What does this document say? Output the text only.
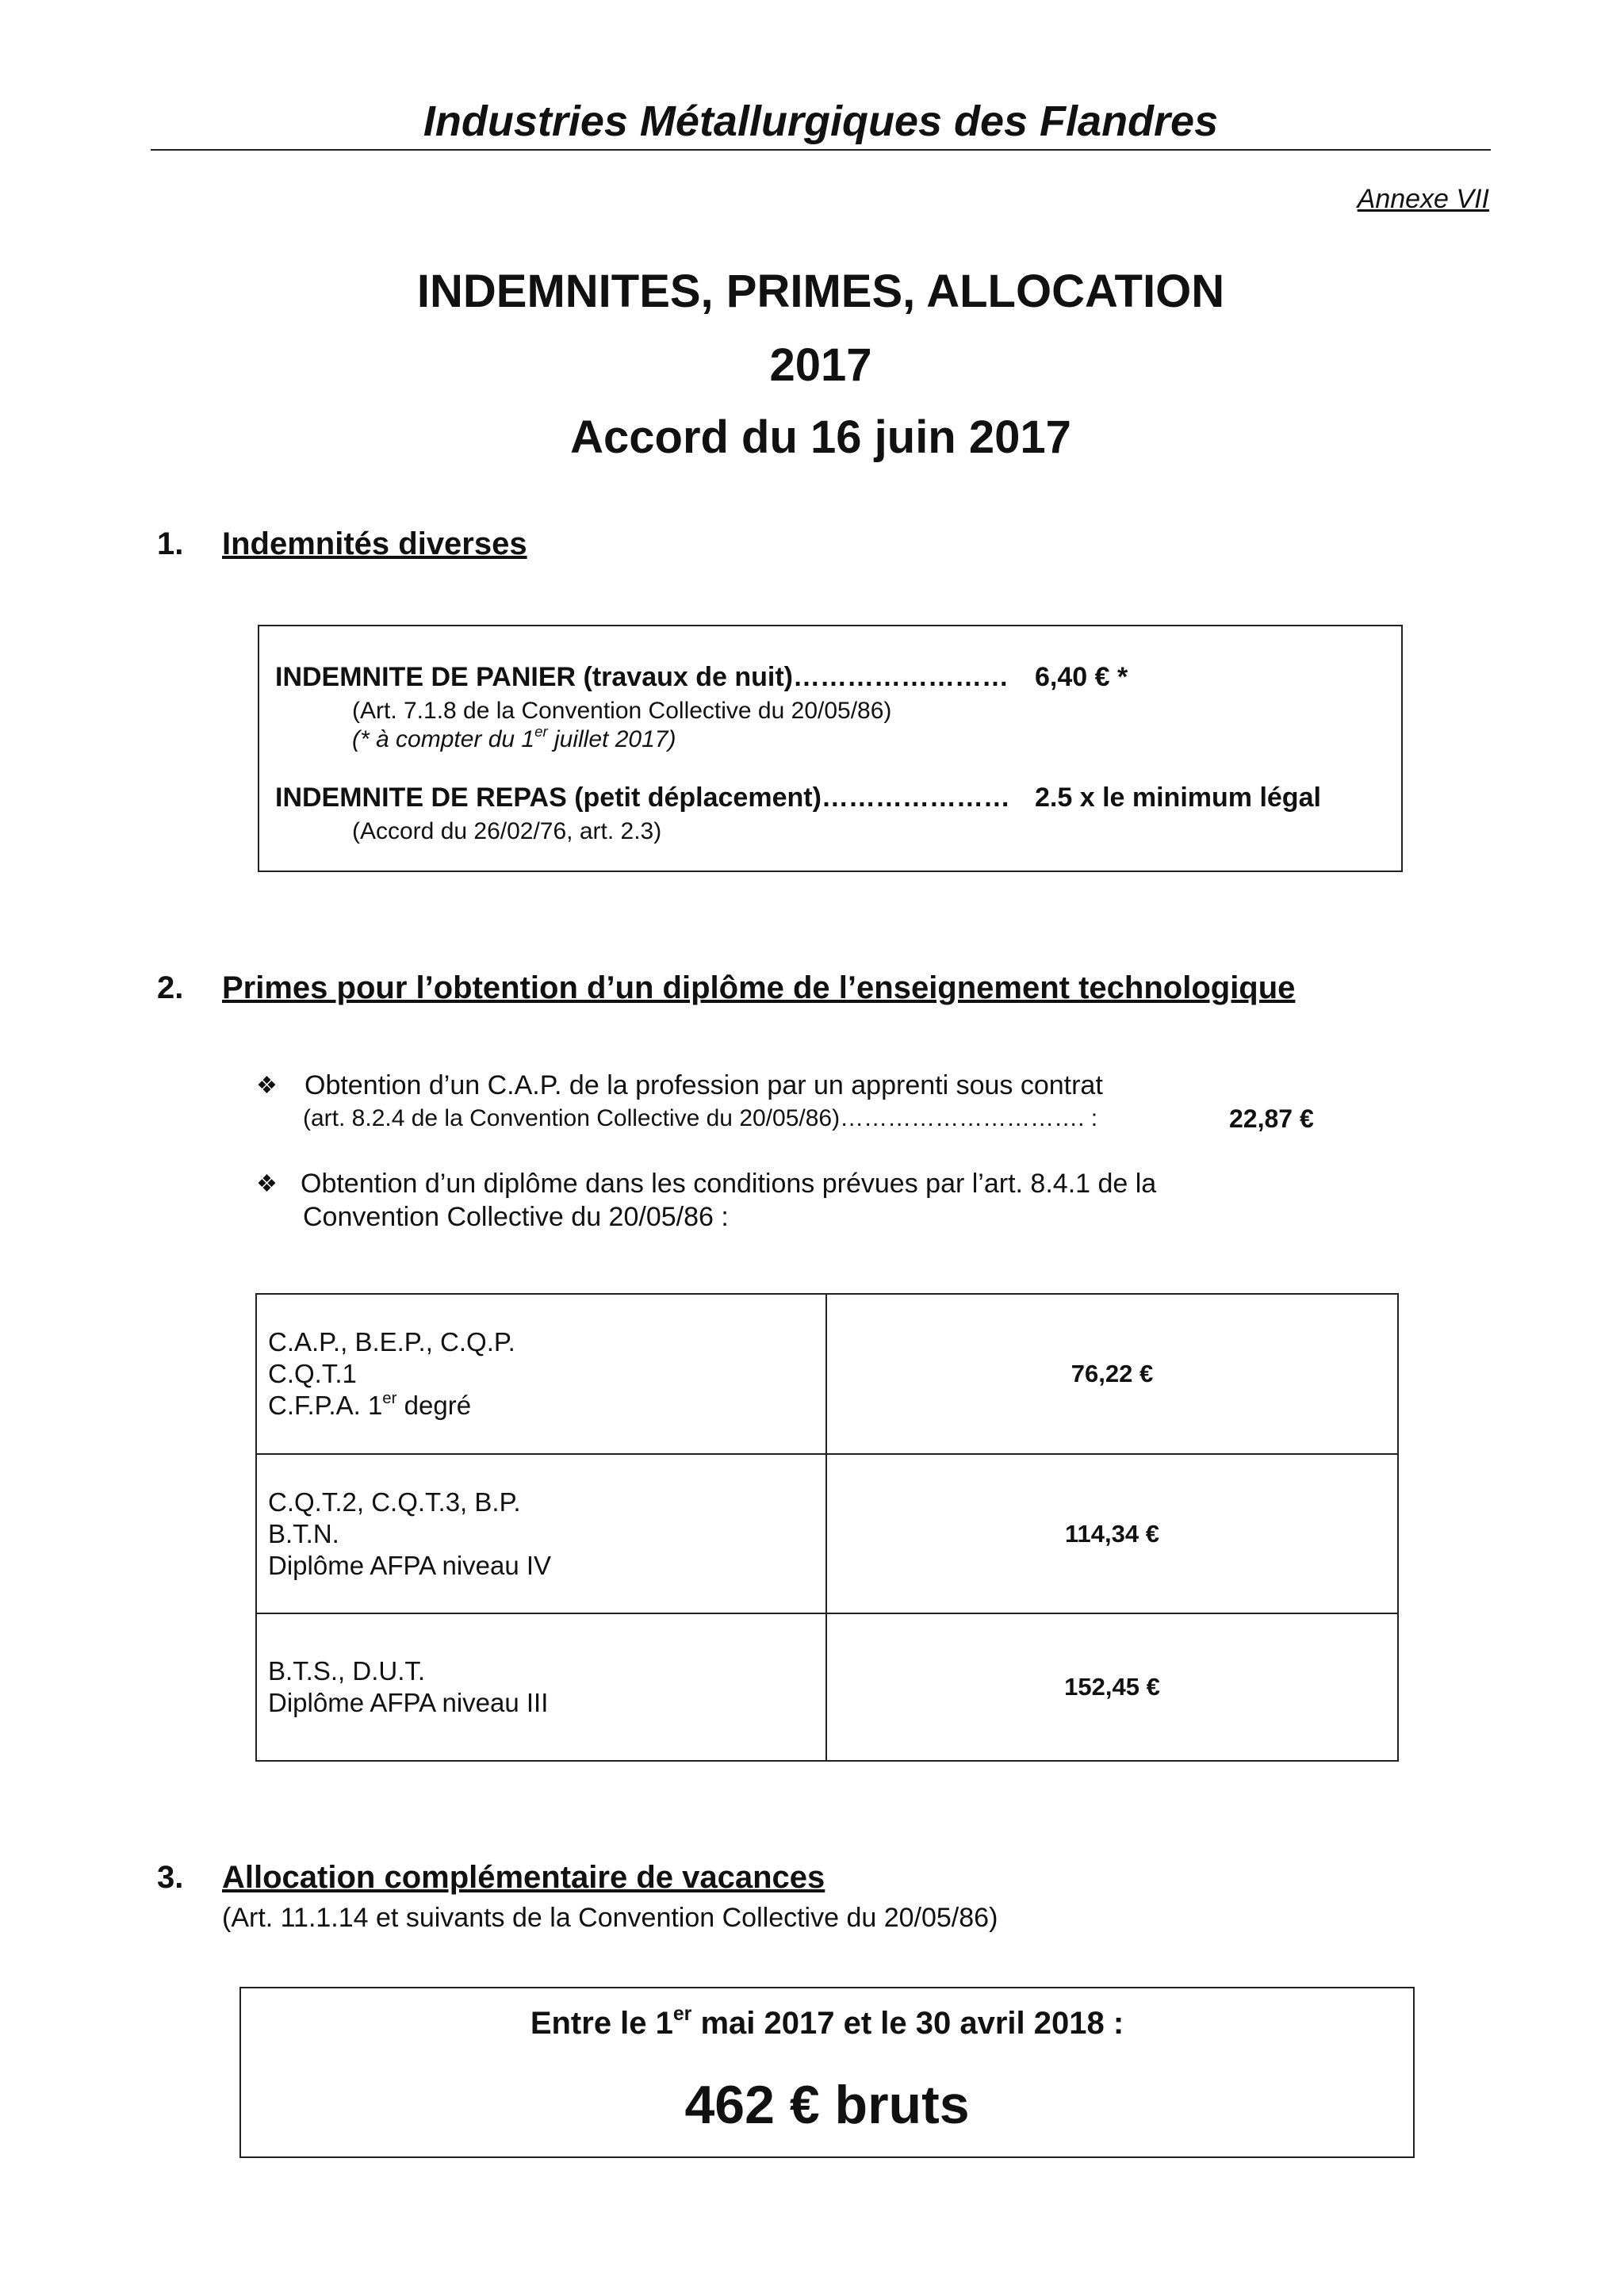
Industries Métallurgiques des Flandres
Annexe VII
INDEMNITES, PRIMES, ALLOCATION
2017
Accord du 16 juin 2017
1. Indemnités diverses
INDEMNITE DE PANIER (travaux de nuit)…………………… 6,40 € *
(Art. 7.1.8 de la Convention Collective du 20/05/86)
(* à compter du 1er juillet 2017)
INDEMNITE DE REPAS (petit déplacement)………………… 2.5 x le minimum légal
(Accord du 26/02/76, art. 2.3)
2. Primes pour l’obtention d’un diplôme de l’enseignement technologique
❖ Obtention d’un C.A.P. de la profession par un apprenti sous contrat
(art. 8.2.4 de la Convention Collective du 20/05/86)…………………………. :	22,87 €
❖ Obtention d’un diplôme dans les conditions prévues par l’art. 8.4.1 de la
Convention Collective du 20/05/86 :
C.A.P., B.E.P., C.Q.P.
C.Q.T.1
C.F.P.A. 1er degré	76,22 €

C.Q.T.2, C.Q.T.3, B.P.
B.T.N.
Diplôme AFPA niveau IV	114,34 €

B.T.S., D.U.T.
Diplôme AFPA niveau III	152,45 €
3. Allocation complémentaire de vacances
(Art. 11.1.14 et suivants de la Convention Collective du 20/05/86)
Entre le 1er mai 2017 et le 30 avril 2018 :
462 € bruts
